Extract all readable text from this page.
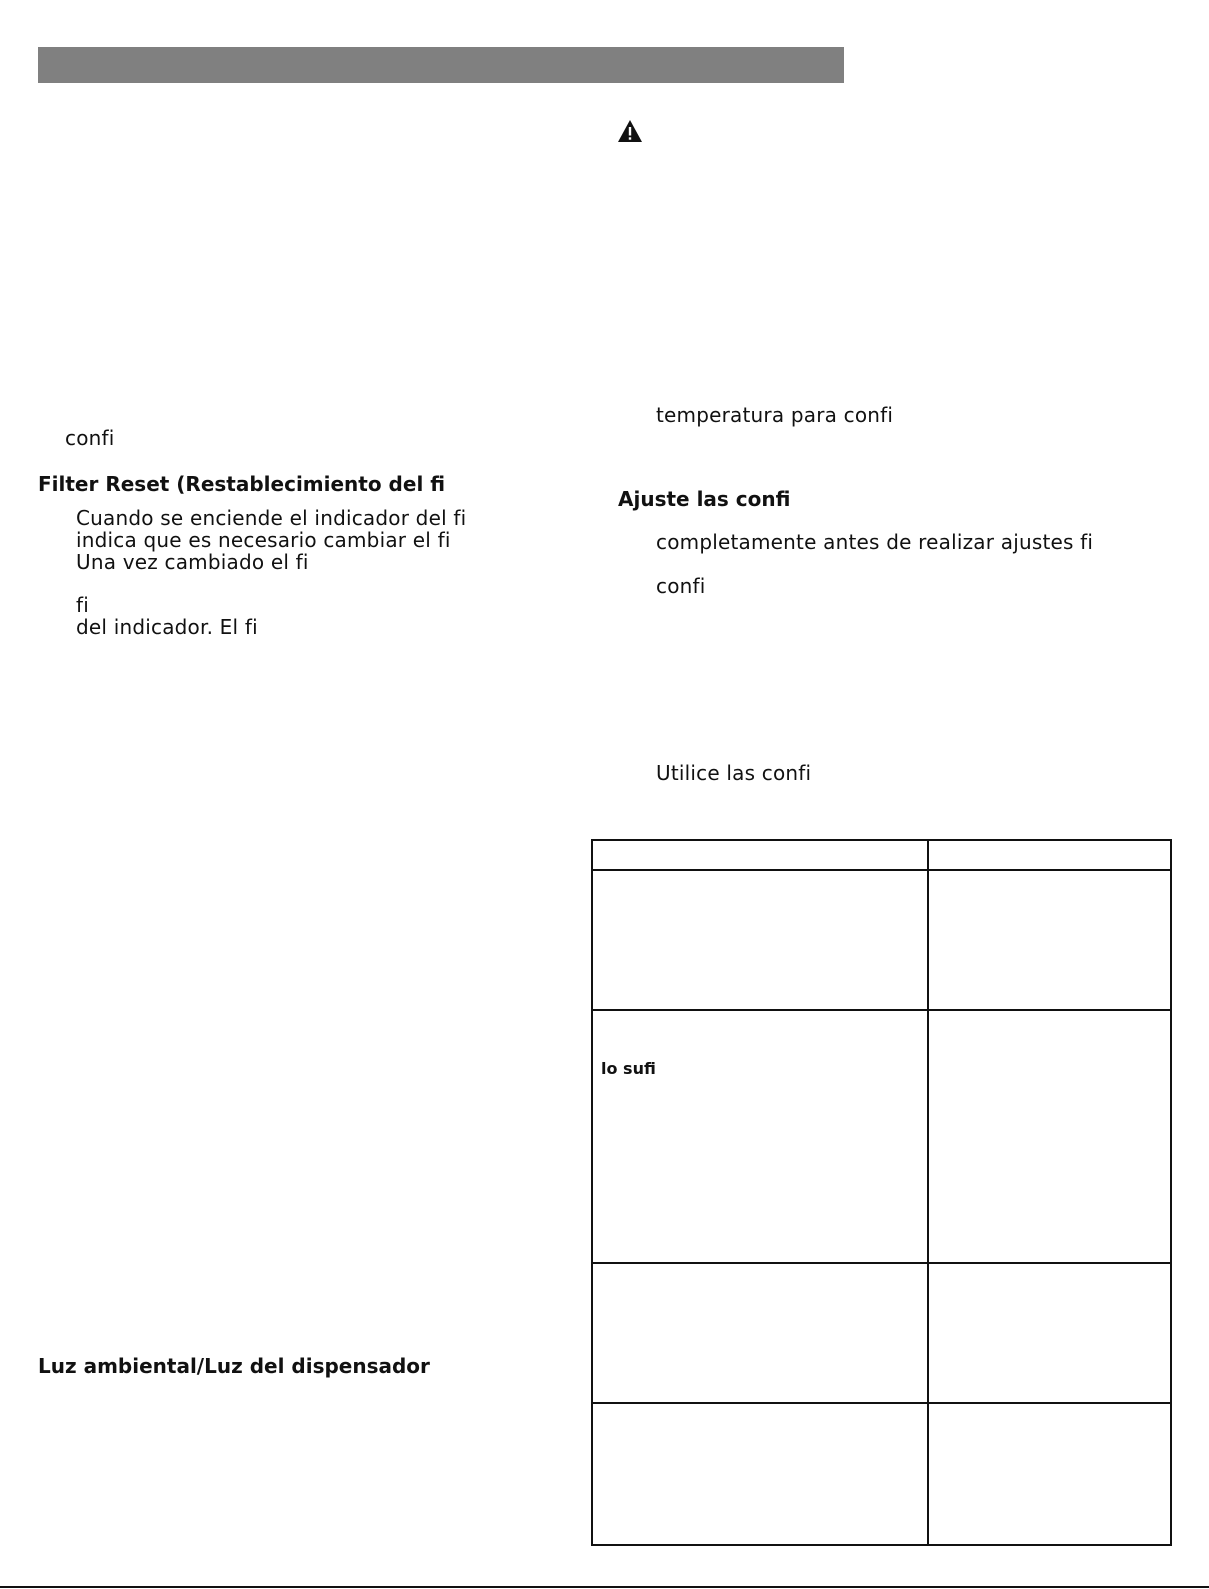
confi
Filter Reset (Restablecimiento del fi
Cuando se enciende el indicador del fi
indica que es necesario cambiar el fi
Una vez cambiado el fi
fi
del indicador. El fi
Luz ambiental/Luz del dispensador
temperatura para confi
Ajuste las confi
completamente antes de realizar ajustes fi
confi
Utilice las confi
lo sufi
